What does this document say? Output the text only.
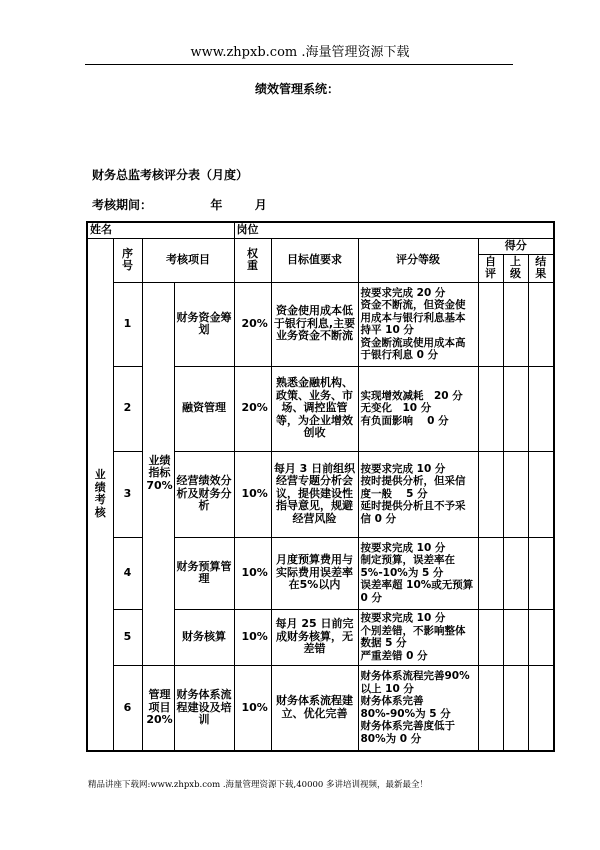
www.zhpxb.com .海量管理资源下载
绩效管理系统：
财务总监考核评分表（月度）
考核期间：	年	月
姓名				岗位					

业绩考核	序号	考核项目		权重	目标值要求	评分等级	得分		

							自评	上级	结果

	1	业绩指标70%	财务资金筹划	20%	资金使用成本低于银行利息,主要业务资金不断流	按要求完成 20 分
资金不断流，但资金使用成本与银行利息基本持平 10 分
资金断流或使用成本高于银行利息 0 分			
	2		融资管理	20%	熟悉金融机构、政策、业务、市场、调控监管等，为企业增效创收	实现增效减耗　20 分
无变化　10 分
有负面影响　 0 分			
	3		经营绩效分析及财务分析	10%	每月 3 日前组织经营专题分析会议，提供建设性指导意见，规避经营风险	按要求完成 10 分
按时提供分析，但采信度一般　 5 分
延时提供分析且不予采信 0 分			
	4		财务预算管理	10%	月度预算费用与实际费用误差率在5%以内	按要求完成 10 分
制定预算，误差率在5%-10%为 5 分
误差率超 10%或无预算 0 分			
	5		财务核算	10%	每月 25 日前完成财务核算，无差错	按要求完成 10 分
个别差错，不影响整体数据 5 分
严重差错 0 分			
	6	管理项目20%	财务体系流程建设及培训	10%	财务体系流程建立、优化完善	财务体系流程完善90%以上 10 分
财务体系完善80%-90%为 5 分
财务体系完善度低于 80%为 0 分			
精品讲座下载网:www.zhpxb.com .海量管理资源下载,40000 多讲培训视频，最新最全！
